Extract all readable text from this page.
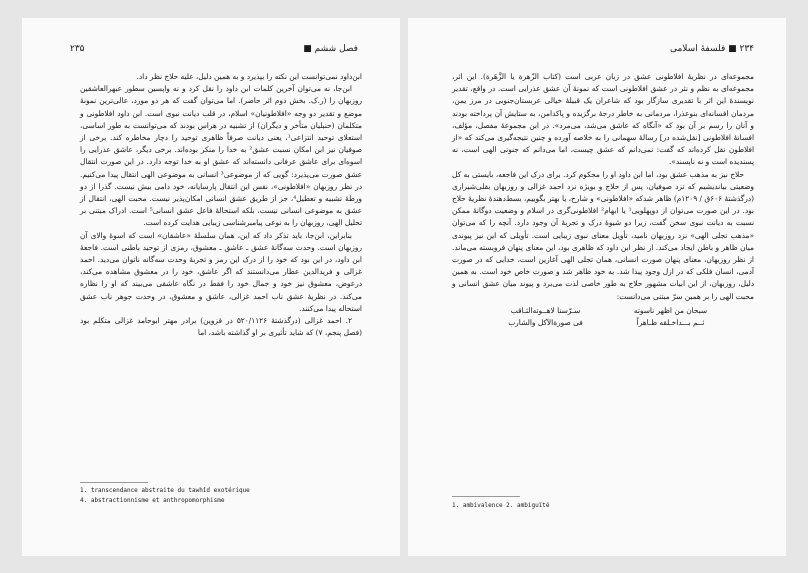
فصل ششم ■
۲۳۵

ابن‌داود نمی‌توانست این نکته را بپذیرد و به همین دلیل، علیه حلاج نظر داد.

ابن‌جا، نه می‌توان آخرین کلمات ابن داود را نقل کرد و نه واپسین سطور عبهرالعاشقین روزبهان را (ر.ک. بخش دوم اثر حاضر). اما می‌توان گفت که هر دو مورد، عالی‌ترین نمونهٔ موضع و تقدیر دو وجه «افلاطونیان» اسلام، در قلب دیانت نبوی است. ابن داود افلاطونی و متکلمان (حنبلیان متأخر و دیگران) از تشبیه در هراس بودند که می‌توانست به طور اساسی، استعلای توحید انتزاعی¹، یعنی دیانت صرفاً ظاهری توحید را دچار مخاطره کند. برخی از صوفیان نیز ابن امکان نسبت عشق² به خدا را منکر بوده‌اند. برخی دیگر، عاشق عذرایی را اسوه‌ای برای عاشق عرفانی دانسته‌اند که عشق او به خدا توجه دارد. در این صورت انتقال عشق صورت می‌پذیرد: گویی که از موضوعی³ انسانی به موضوعی الهی انتقال پیدا می‌کنیم. در نظر روزبهان «افلاطونی»، نفس این انتقال پارسایانه، خود دامی بیش نیست. گذرا از دو ورطهٔ تشبیه و تعطیل⁴، جز از طریق عشق انسانی امکان‌پذیر نیست. محبت الهی، انتقال از عشق به موضوعی انسانی نیست، بلکه استحالهٔ فاعل عشق انسانی⁵ است. ادراک مبتنی بر تحلیل الهی، روزبهان را به نوعی پیامبرشناسی زیبایی هدایت کرده است.

بنابراین، ابن‌جا، باید تذکر داد که این، همان سلسلهٔ «عاشقان» است که اسوهٔ والای آن روزبهان است. وحدت سه‌گانهٔ عشق ـ عاشق ـ معشوق، رمزی از توحید باطنی است. فاجعهٔ ابن داود، در این بود که خود را از درک این رمز و تجربهٔ وحدت سه‌گانه ناتوان می‌دید. احمد غزالی و فریدالدین عطار می‌دانستند که اگر عاشق، خود را در معشوق مشاهده می‌کند، درعوض، معشوق نیز خود و جمال خود را فقط در نگاه عاشقی می‌بیند که او را نظاره می‌کند. در نظریهٔ عشق ناب احمد غزالی، عاشق و معشوق، در وحدت جوهر ناب عشق استحاله پیدا می‌کنند.

۲. احمد غزالی (درگذشتهٔ ۵۲۰/۱۱۲۶ در قزوین) برادر مهتر ابوحامد غزالی متکلم بود (فصل پنجم، ۷) که شاید تأثیری بر او گذاشته باشد، اما

1. transcendance abstraite du tawhîd exotérique
4. abstractionnisme et anthropomorphisme
۲۳۴ ■ فلسفهٔ اسلامی

مجموعه‌ای در نظریهٔ افلاطونی عشق در زبان عربی است (کتاب الزّهرة یا الزَّهَرة). این اثر، مجموعه‌ای به نظم و نثر در عشق افلاطونی است که نمونهٔ آن عشق عذرایی است. در واقع، تقدیر نویسندهٔ این اثر با تقدیری سازگار بود که شاعران یک قبیلهٔ خیالی عربستان‌جنوبی در مرز یمن، مردمان افسانه‌ای بنوعذرا، مردمانی به خاطر درجهٔ برگزیده و پاکدامن، به ستایش آن پرداخته بودند و آنان را رسم بر آن بود که «آنگاه که عاشق می‌شد، می‌مرد». در ابن مجموعهٔ مفصل، مؤلف، افسانهٔ افلاطونی [نقل‌شده در] رسالهٔ سهمانی را به خلاصه آورده و چنین نتیجه‌گیری می‌کند که «از افلاطون نقل کرده‌اند که گفت: نمی‌دانم که عشق چیست، اما می‌دانم که جنونی الهی است، نه پسندیده است و نه ناپسند».

حلاج نیز به مذهب عشق بود، اما ابن داود او را محکوم کرد. برای درک این فاجعه، بایستی به کل وضعیتی بیاندیشیم که تزد صوفیان، پس از حلاج و بویژه نزد احمد غزالی و روزبهان بقلی‌شیرازی (درگذشتهٔ ۶۰۶ق / ۱۲۰۹م) ظاهر شدکه «افلاطونی» و شارح، یا بهتر بگوییم، بسط‌دهندهٔ نظریهٔ حلاج بود. در این صورت می‌توان از دوپهلویی¹ یا ابهام² افلاطونی‌گری در اسلام و وضعیت دوگانهٔ ممکن نسبت به دیانت نبوی سخن گفت، زیرا دو شیوهٔ درک و تجربهٔ آن وجود دارد. آنچه را که می‌توان «مذهب تجلی الهی» نزد روزبهان نامید، تأویل معنای نبوی زیبایی است. تأویلی که این نیز پیوندی میان ظاهر و باطن ایجاد می‌کند. از نظر ابن داود که ظاهری بود، این معنای پنهان فروبسته می‌ماند. از نظر روزبهان، معنای پنهان صورت انسانی، همان تجلی الهی آغازین است، خدایی که در صورت آدمی، انسان فلکی که در ازل وجود پیدا شد. به خود ظاهر شد و صورت خاص خود است. به همین دلیل، روزبهان، از این ابیات مشهور حلاج به طور خاصی لذت می‌برد و پیوند میان عشق انسانی و محبت الهی را بر همین سرّ مبتنی می‌دانست:

سبحان من اظهر ناسوته
سـرّسنا لاهــوته‌الثـاقب
ثــم بـــداخـلقه ظـاهراً
فی صورة‌الآکل والشارب
1. ambivalence 2. ambiguïté
